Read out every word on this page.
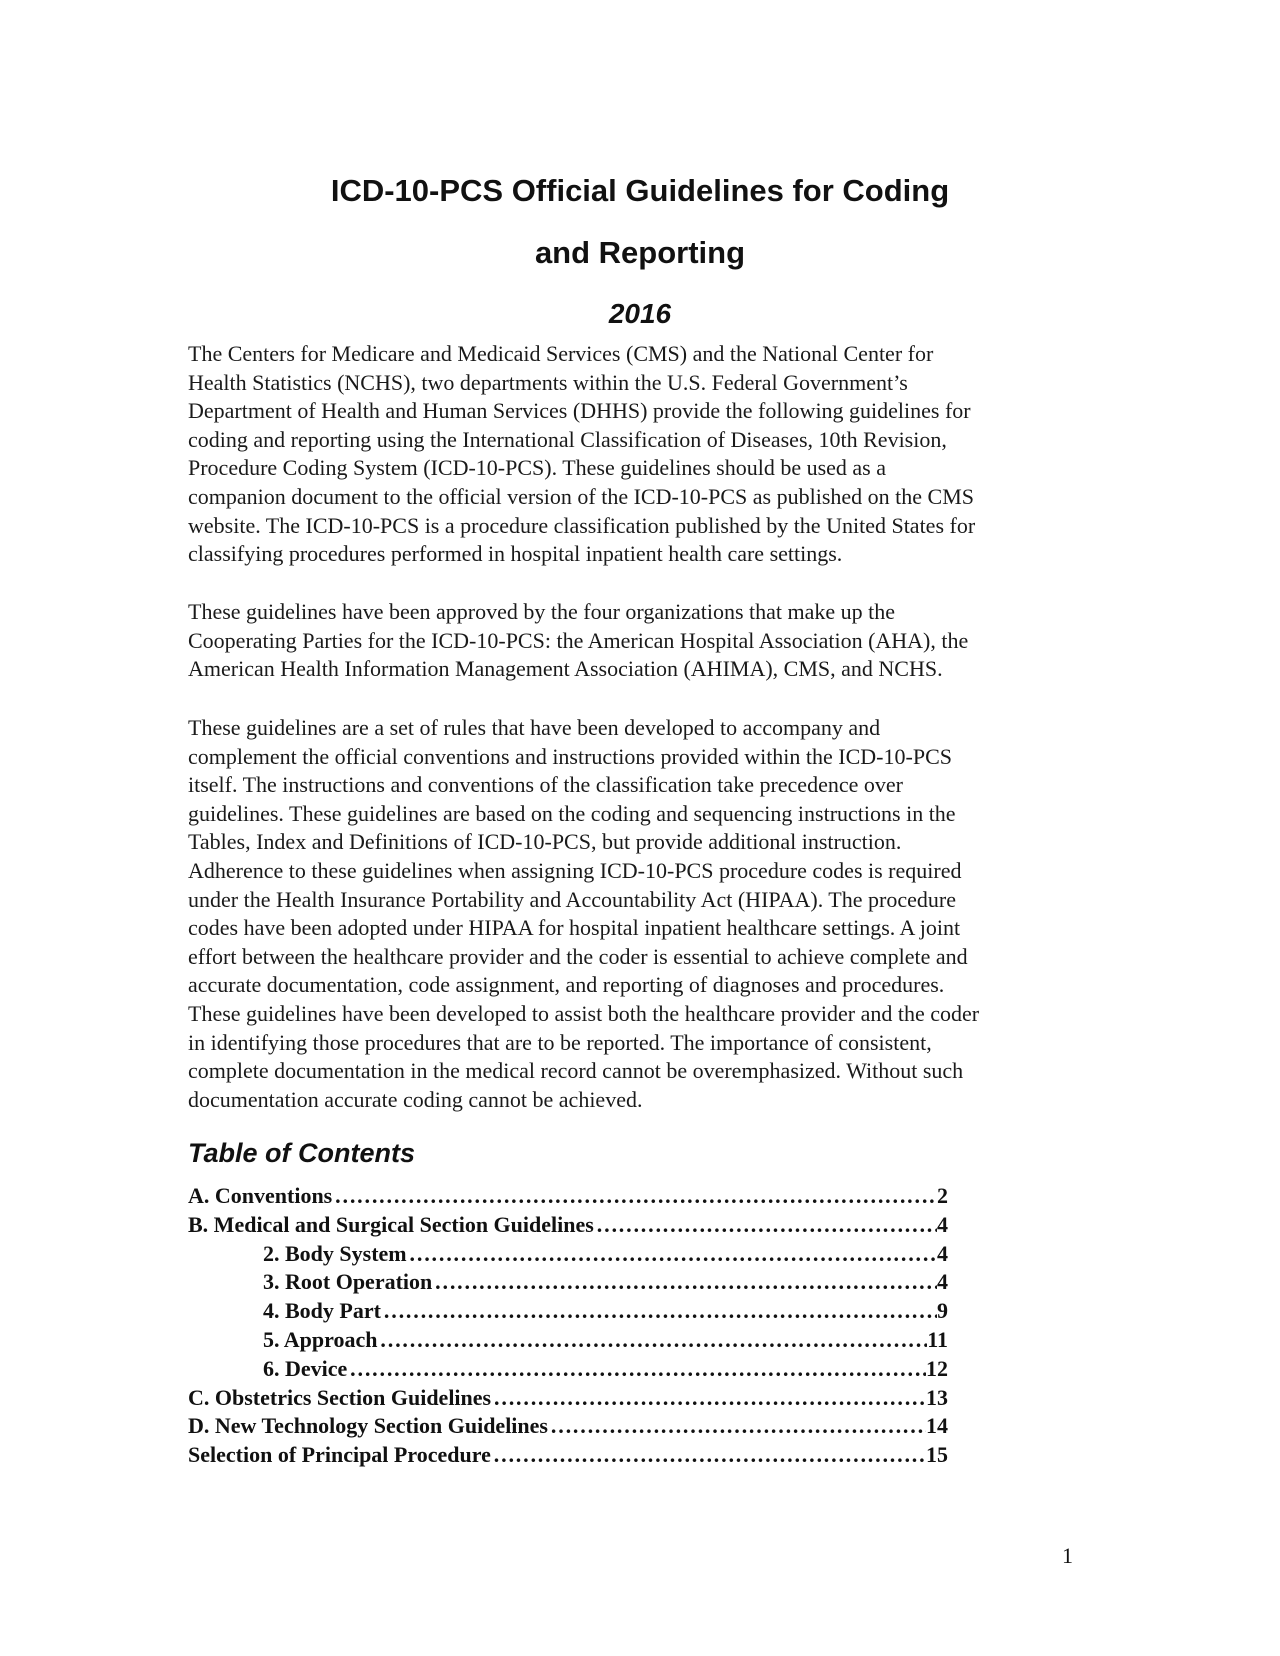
ICD-10-PCS Official Guidelines for Coding
and Reporting
2016

The Centers for Medicare and Medicaid Services (CMS) and the National Center for
Health Statistics (NCHS), two departments within the U.S. Federal Government’s
Department of Health and Human Services (DHHS) provide the following guidelines for
coding and reporting using the International Classification of Diseases, 10th Revision,
Procedure Coding System (ICD-10-PCS). These guidelines should be used as a
companion document to the official version of the ICD-10-PCS as published on the CMS
website. The ICD-10-PCS is a procedure classification published by the United States for
classifying procedures performed in hospital inpatient health care settings.

These guidelines have been approved by the four organizations that make up the
Cooperating Parties for the ICD-10-PCS: the American Hospital Association (AHA), the
American Health Information Management Association (AHIMA), CMS, and NCHS.

These guidelines are a set of rules that have been developed to accompany and
complement the official conventions and instructions provided within the ICD-10-PCS
itself. The instructions and conventions of the classification take precedence over
guidelines. These guidelines are based on the coding and sequencing instructions in the
Tables, Index and Definitions of ICD-10-PCS, but provide additional instruction.
Adherence to these guidelines when assigning ICD-10-PCS procedure codes is required
under the Health Insurance Portability and Accountability Act (HIPAA). The procedure
codes have been adopted under HIPAA for hospital inpatient healthcare settings. A joint
effort between the healthcare provider and the coder is essential to achieve complete and
accurate documentation, code assignment, and reporting of diagnoses and procedures.
These guidelines have been developed to assist both the healthcare provider and the coder
in identifying those procedures that are to be reported. The importance of consistent,
complete documentation in the medical record cannot be overemphasized. Without such
documentation accurate coding cannot be achieved.

Table of Contents
A. Conventions ……………………………………………………………………………………………………………………	2
B. Medical and Surgical Section Guidelines ……………………………………………………………………………………………………………………	4
2. Body System ……………………………………………………………………………………………………………………	4
3. Root Operation ……………………………………………………………………………………………………………………	4
4. Body Part ……………………………………………………………………………………………………………………	9
5. Approach ……………………………………………………………………………………………………………………	11
6. Device ……………………………………………………………………………………………………………………	12
C. Obstetrics Section Guidelines ……………………………………………………………………………………………………………………	13
D. New Technology Section Guidelines ……………………………………………………………………………………………………………………	14
Selection of Principal Procedure ……………………………………………………………………………………………………………………	15

1
